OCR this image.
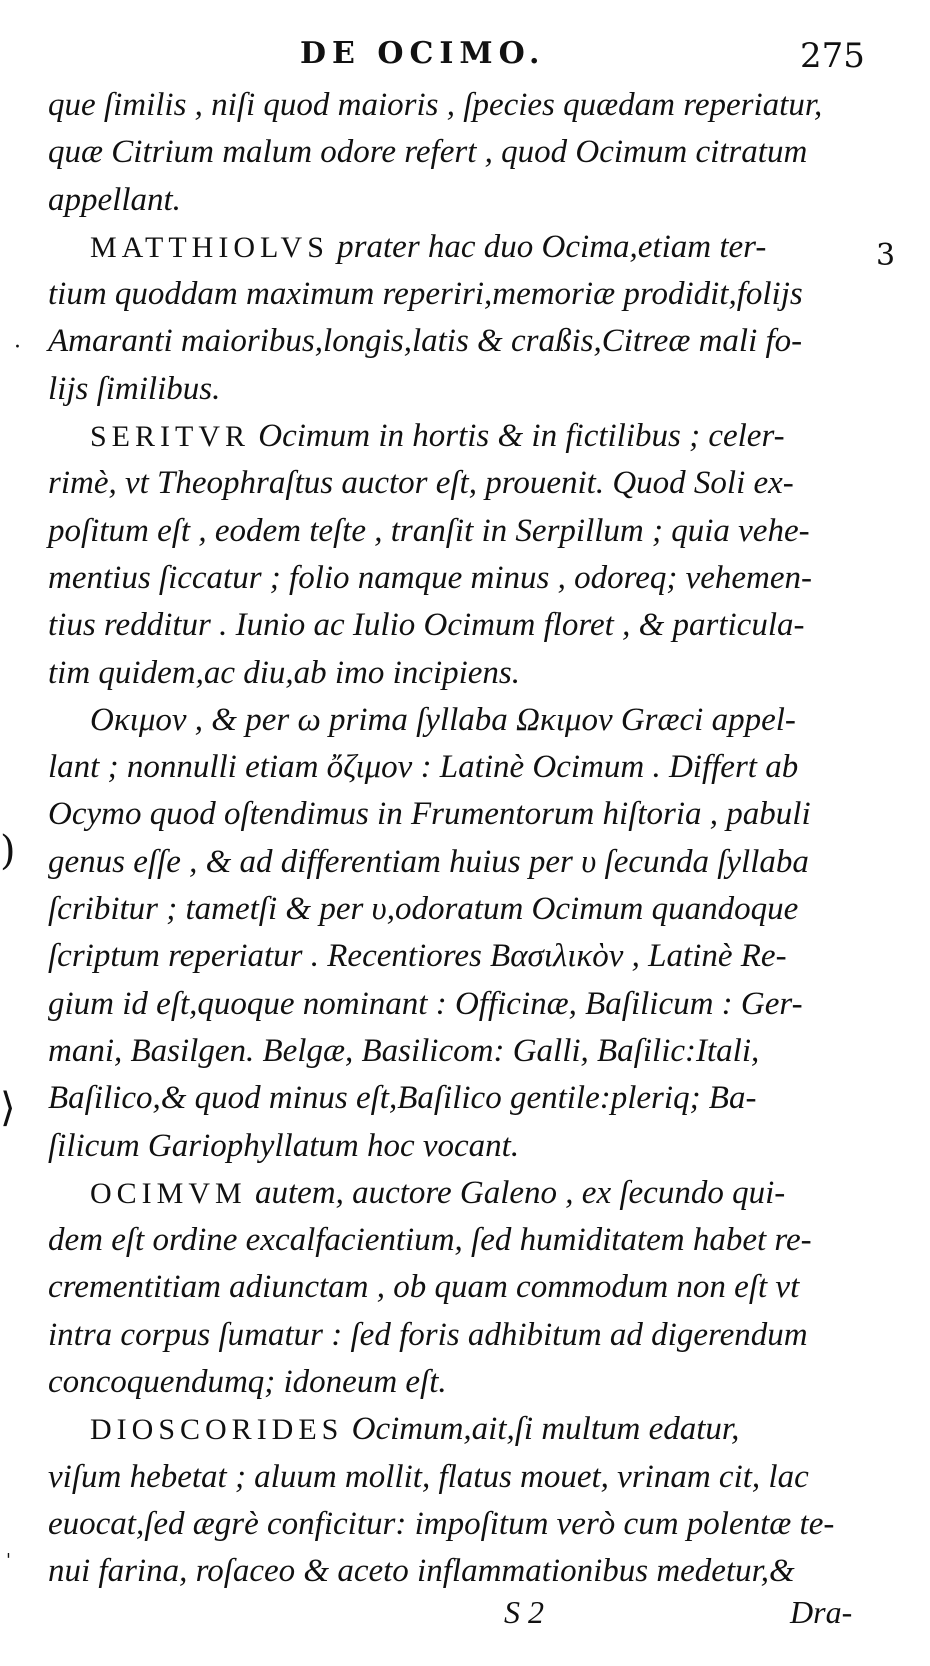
DE OCIMO.	275
que ſimilis , niſi quod maioris , ſpecies quædam reperiatur,
quæ Citrium malum odore refert , quod Ocimum citratum
appellant.
MATTHIOLVS prater hac duo Ocima,etiam ter-
tium quoddam maximum reperiri,memoriæ prodidit,folijs
Amaranti maioribus,longis,latis & craßis,Citreæ mali fo-
lijs ſimilibus.
SERITVR Ocimum in hortis & in fictilibus ; celer-
rimè, vt Theophraſtus auctor eſt, prouenit. Quod Soli ex-
poſitum eſt , eodem teſte , tranſit in Serpillum ; quia vehe-
mentius ſiccatur ; folio namque minus , odoreq; vehemen-
tius redditur . Iunio ac Iulio Ocimum floret , & particula-
tim quidem,ac diu,ab imo incipiens.
Οκιμον , & per ω prima ſyllaba Ωκιμον Græci appel-
lant ; nonnulli etiam ὄζιμον : Latinè Ocimum . Differt ab
Ocymo quod oſtendimus in Frumentorum hiſtoria , pabuli
genus eſſe , & ad differentiam huius per υ ſecunda ſyllaba
ſcribitur ; tametſi & per υ,odoratum Ocimum quandoque
ſcriptum reperiatur . Recentiores Βασιλικὸν , Latinè Re-
gium id eſt,quoque nominant : Officinæ, Baſilicum : Ger-
mani, Basilgen. Belgæ, Basilicom: Galli, Baſilic:Itali,
Baſilico,& quod minus eſt,Baſilico gentile:pleriq; Ba-
ſilicum Gariophyllatum hoc vocant.
OCIMVM autem, auctore Galeno , ex ſecundo qui-
dem eſt ordine excalfacientium, ſed humiditatem habet re-
crementitiam adiunctam , ob quam commodum non eſt vt
intra corpus ſumatur : ſed foris adhibitum ad digerendum
concoquendumq; idoneum eſt.
DIOSCORIDES Ocimum,ait,ſi multum edatur,
viſum hebetat ; aluum mollit, flatus mouet, vrinam cit, lac
euocat,ſed ægrè conficitur: impoſitum verò cum polentæ te-
nui farina, roſaceo & aceto inflammationibus medetur,&
3
·
)
⟩
'
S 2	Dra-
